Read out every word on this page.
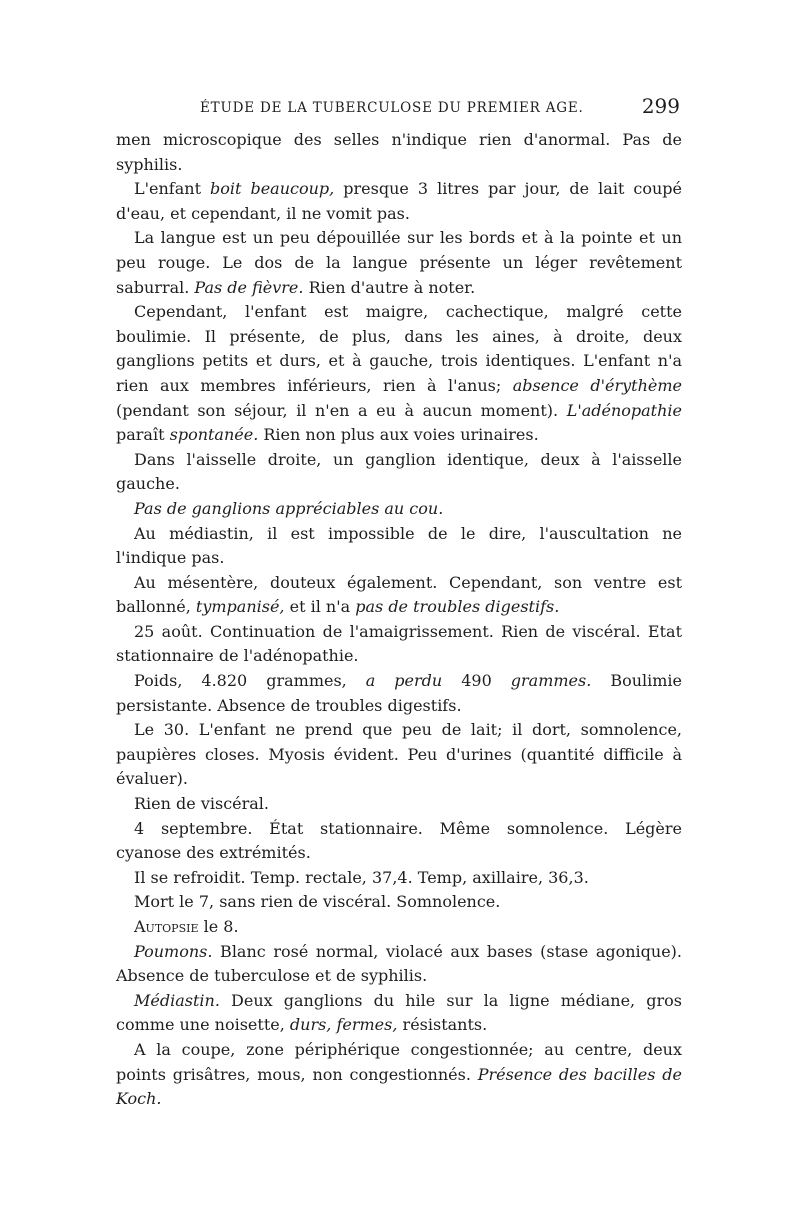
ÉTUDE DE LA TUBERCULOSE DU PREMIER AGE.	299

men microscopique des selles n'indique rien d'anormal. Pas de syphilis.

L'enfant boit beaucoup, presque 3 litres par jour, de lait coupé d'eau, et cependant, il ne vomit pas.

La langue est un peu dépouillée sur les bords et à la pointe et un peu rouge. Le dos de la langue présente un léger revêtement saburral. Pas de fièvre. Rien d'autre à noter.

Cependant, l'enfant est maigre, cachectique, malgré cette boulimie. Il présente, de plus, dans les aines, à droite, deux ganglions petits et durs, et à gauche, trois identiques. L'enfant n'a rien aux membres inférieurs, rien à l'anus; absence d'érythème (pendant son séjour, il n'en a eu à aucun moment). L'adénopathie paraît spontanée. Rien non plus aux voies urinaires.

Dans l'aisselle droite, un ganglion identique, deux à l'aisselle gauche.

Pas de ganglions appréciables au cou.

Au médiastin, il est impossible de le dire, l'auscultation ne l'indique pas.

Au mésentère, douteux également. Cependant, son ventre est ballonné, tympanisé, et il n'a pas de troubles digestifs.

25 août. Continuation de l'amaigrissement. Rien de viscéral. Etat stationnaire de l'adénopathie.

Poids, 4.820 grammes, a perdu 490 grammes. Boulimie persistante. Absence de troubles digestifs.

Le 30. L'enfant ne prend que peu de lait; il dort, somnolence, paupières closes. Myosis évident. Peu d'urines (quantité difficile à évaluer).

Rien de viscéral.

4 septembre. État stationnaire. Même somnolence. Légère cyanose des extrémités.

Il se refroidit. Temp. rectale, 37,4. Temp, axillaire, 36,3.

Mort le 7, sans rien de viscéral. Somnolence.

Autopsie le 8.

Poumons. Blanc rosé normal, violacé aux bases (stase agonique). Absence de tuberculose et de syphilis.

Médiastin. Deux ganglions du hile sur la ligne médiane, gros comme une noisette, durs, fermes, résistants.

A la coupe, zone périphérique congestionnée; au centre, deux points grisâtres, mous, non congestionnés. Présence des bacilles de Koch.
